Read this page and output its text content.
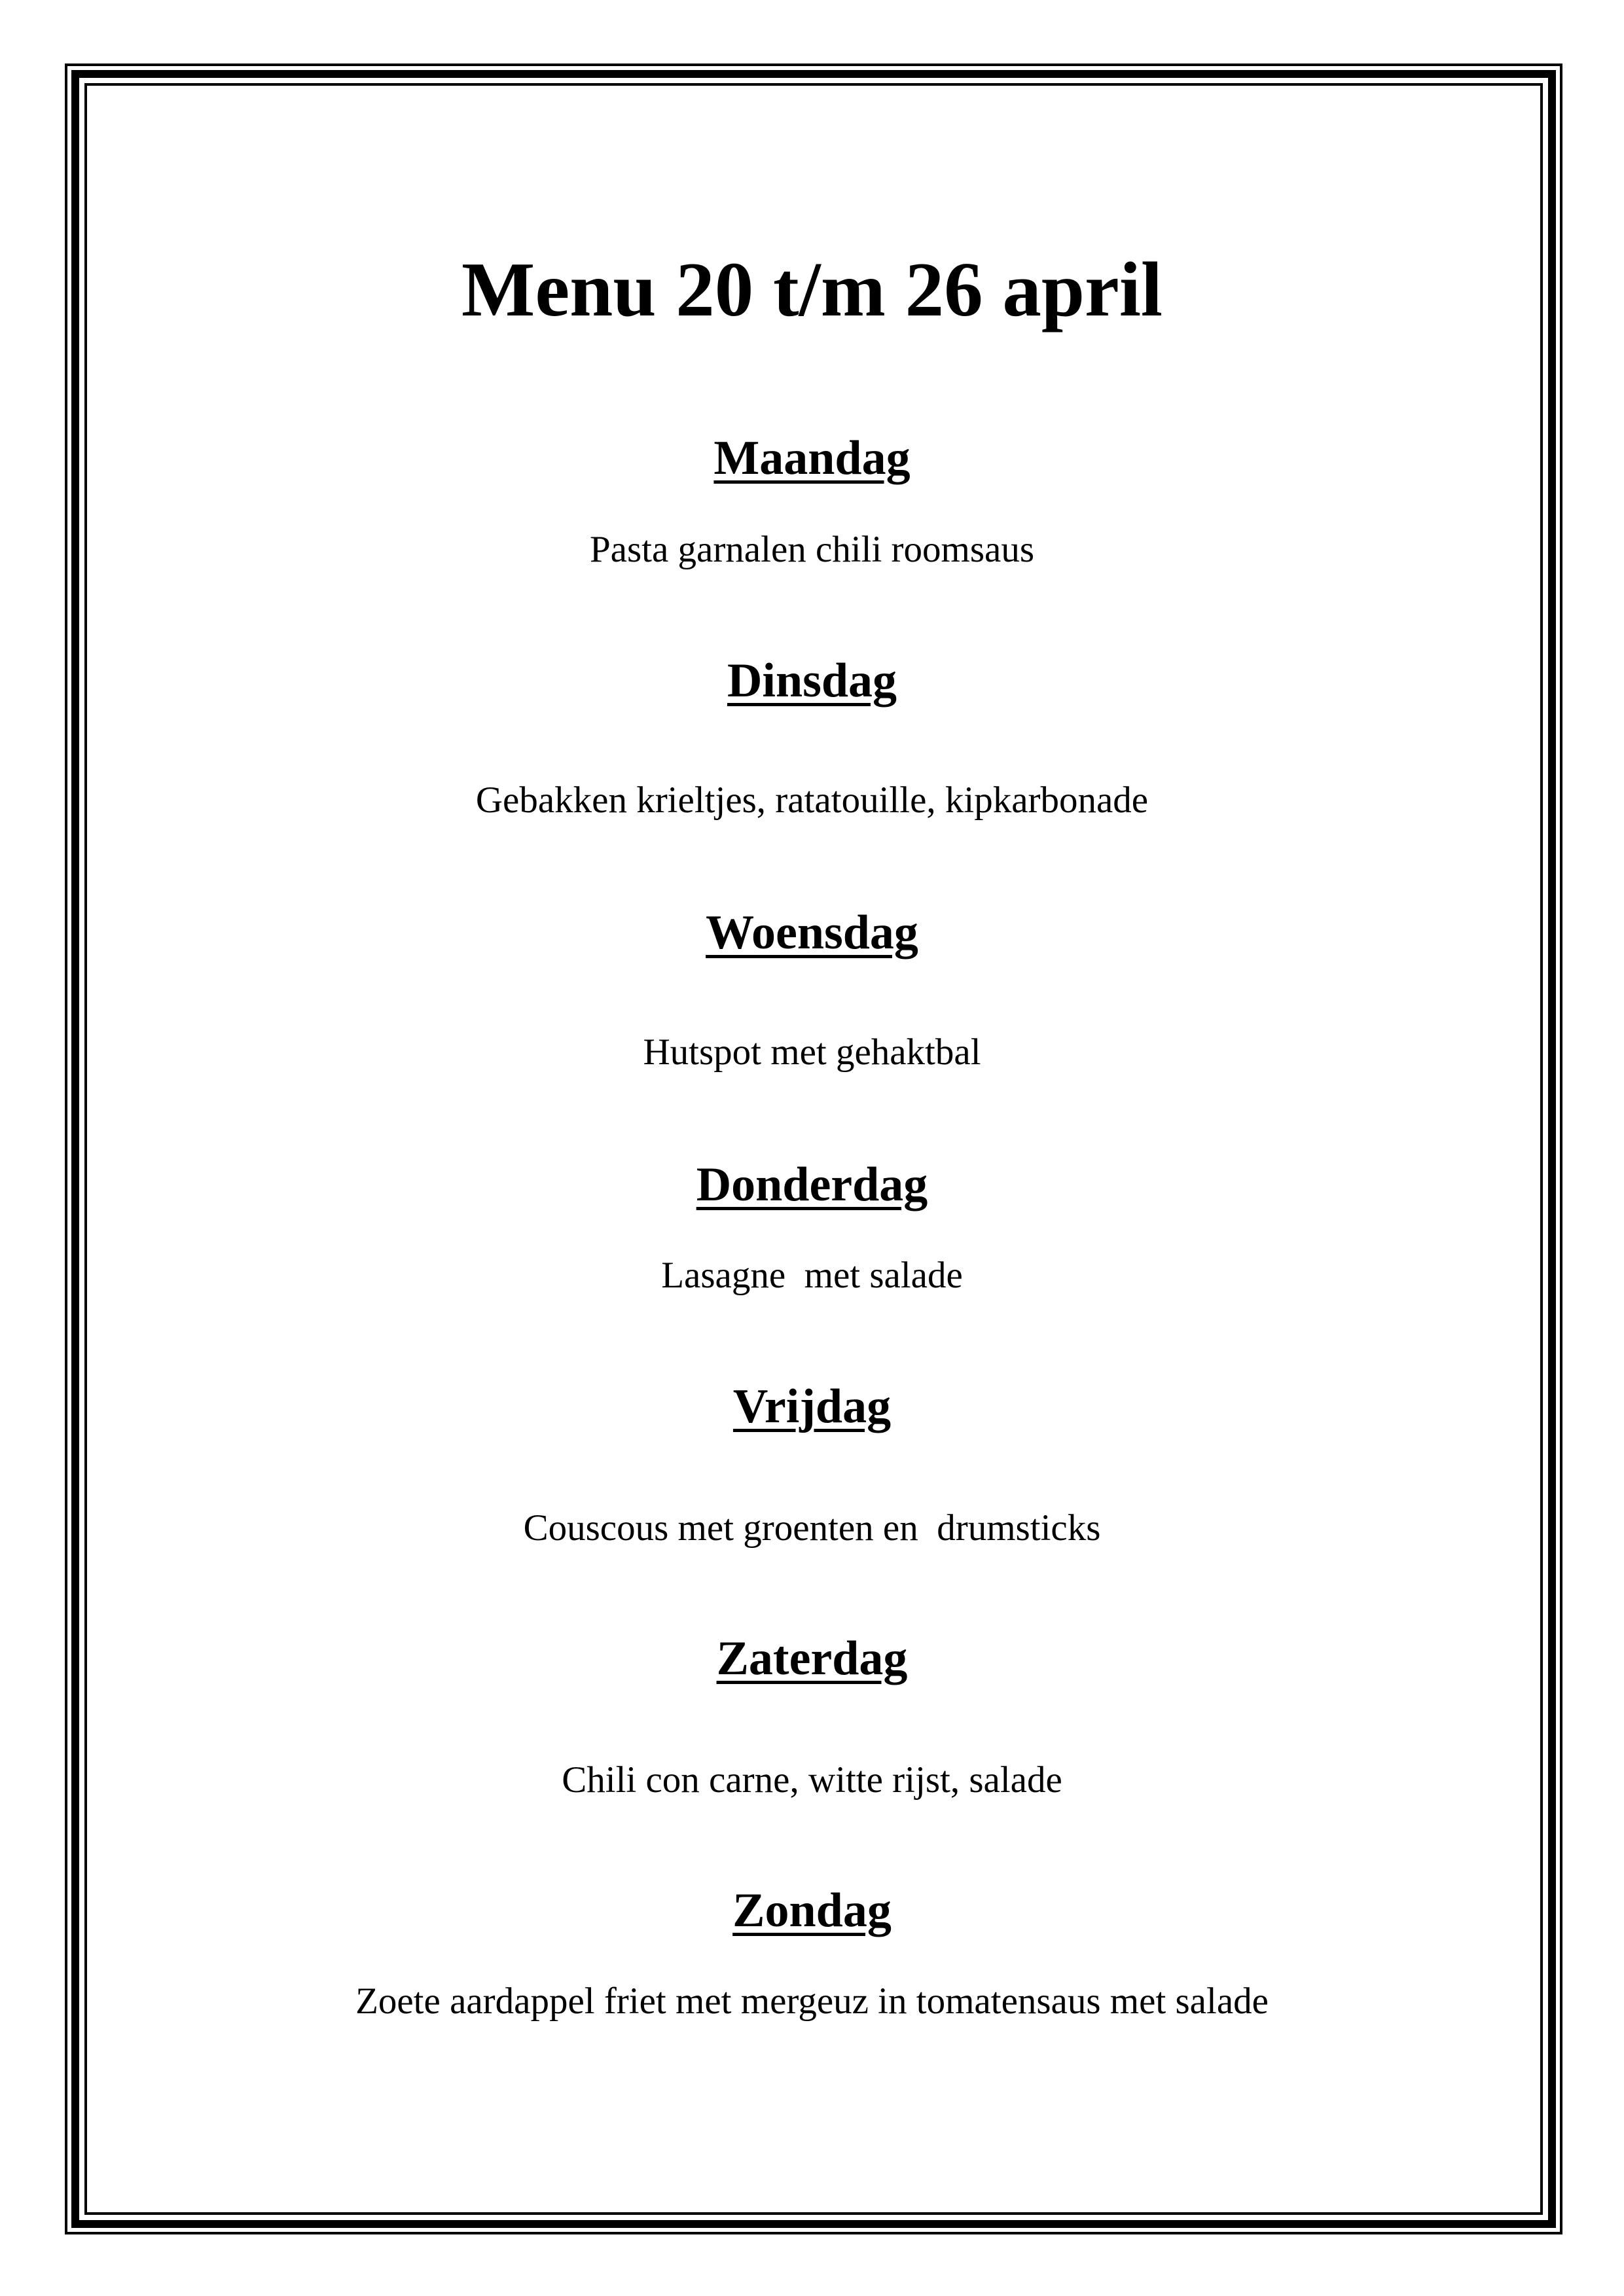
Menu 20 t/m 26 april
Maandag
Pasta garnalen chili roomsaus
Dinsdag
Gebakken krieltjes, ratatouille, kipkarbonade
Woensdag
Hutspot met gehaktbal
Donderdag
Lasagne  met salade
Vrijdag
Couscous met groenten en  drumsticks
Zaterdag
Chili con carne, witte rijst, salade
Zondag
Zoete aardappel friet met mergeuz in tomatensaus met salade
